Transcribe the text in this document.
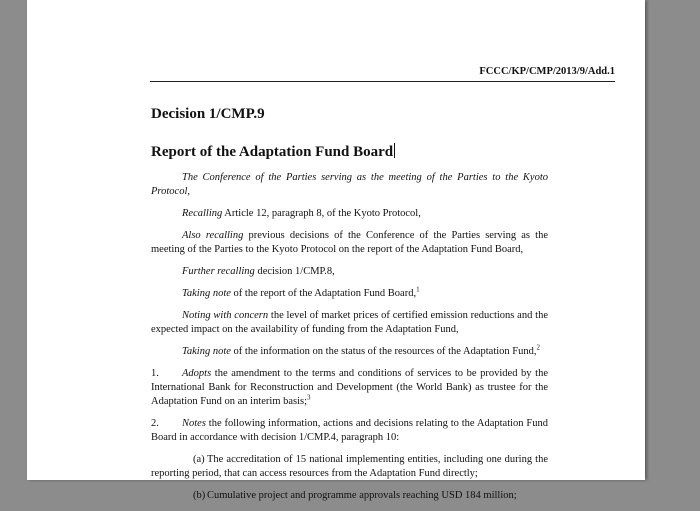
FCCC/KP/CMP/2013/9/Add.1
Decision 1/CMP.9
Report of the Adaptation Fund Board

The Conference of the Parties serving as the meeting of the Parties to the Kyoto Protocol,

Recalling Article 12, paragraph 8, of the Kyoto Protocol,

Also recalling previous decisions of the Conference of the Parties serving as the meeting of the Parties to the Kyoto Protocol on the report of the Adaptation Fund Board,

Further recalling decision 1/CMP.8,

Taking note of the report of the Adaptation Fund Board,$^1$

Noting with concern the level of market prices of certified emission reductions and the expected impact on the availability of funding from the Adaptation Fund,

Taking note of the information on the status of the resources of the Adaptation Fund,$^2$

1. Adopts the amendment to the terms and conditions of services to be provided by the International Bank for Reconstruction and Development (the World Bank) as trustee for the Adaptation Fund on an interim basis;$^3$

2. Notes the following information, actions and decisions relating to the Adaptation Fund Board in accordance with decision 1/CMP.4, paragraph 10:

(a) The accreditation of 15 national implementing entities, including one during the reporting period, that can access resources from the Adaptation Fund directly;

(b) Cumulative project and programme approvals reaching USD 184 million;
